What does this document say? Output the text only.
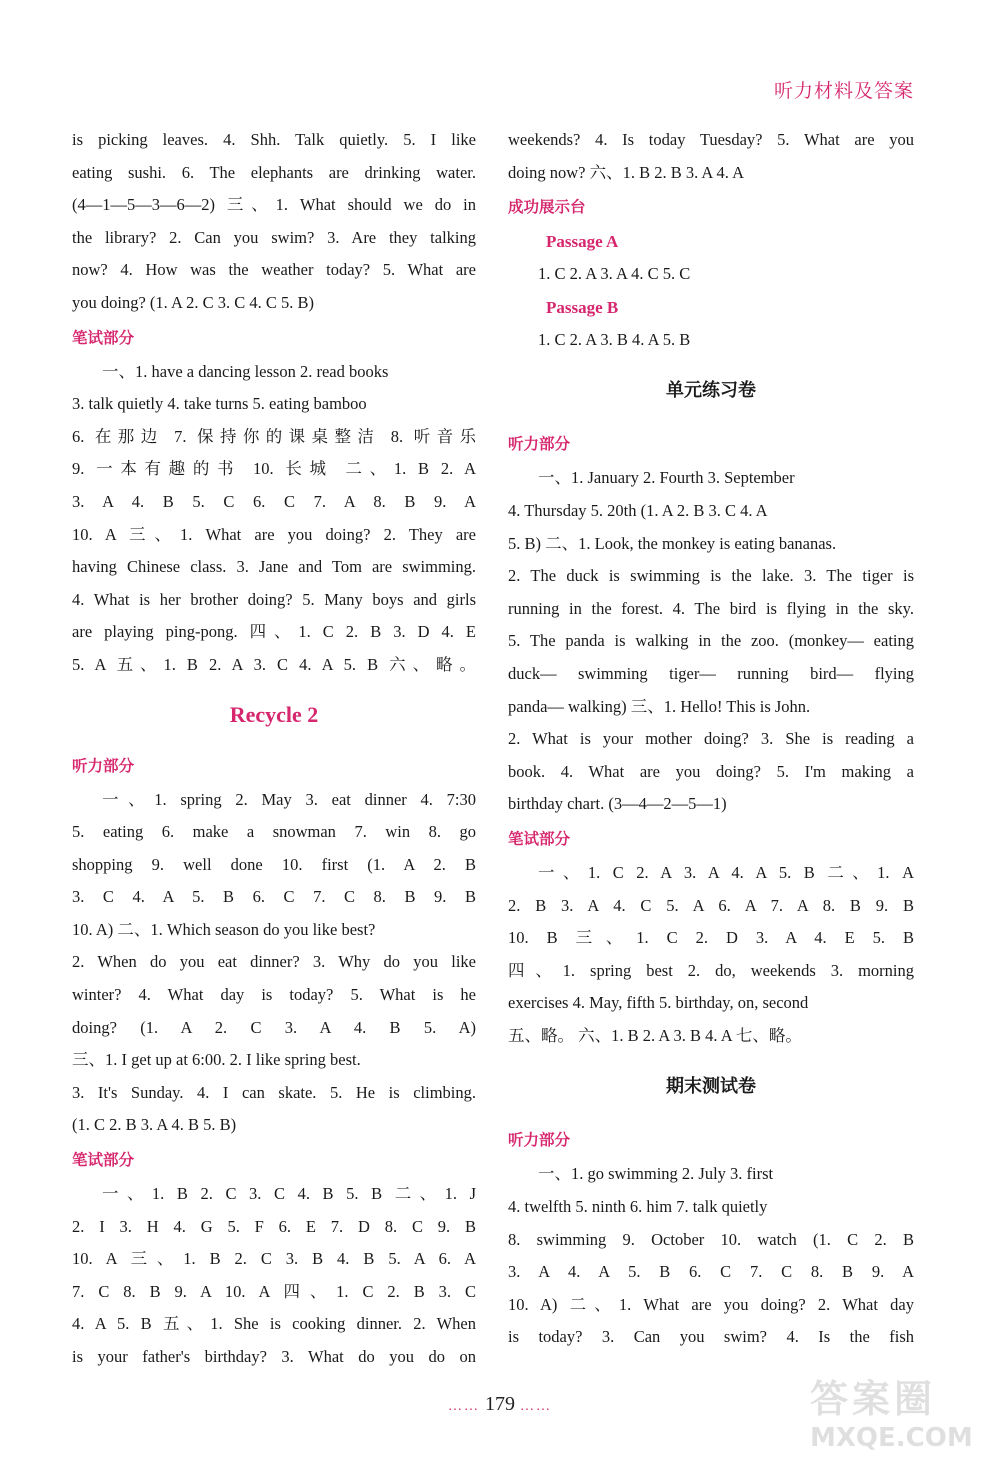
听力材料及答案
is picking leaves. 4. Shh. Talk quietly. 5. I like
eating sushi. 6. The elephants are drinking water.
(4—1—5—3—6—2) 三、1. What should we do in
the library? 2. Can you swim? 3. Are they talking
now? 4. How was the weather today? 5. What are
you doing? (1. A 2. C 3. C 4. C 5. B)
笔试部分
一、1. have a dancing lesson 2. read books
3. talk quietly 4. take turns 5. eating bamboo
6. 在那边 7. 保持你的课桌整洁 8. 听音乐
9. 一本有趣的书 10. 长城 二、1. B 2. A
3. A 4. B 5. C 6. C 7. A 8. B 9. A
10. A 三、1. What are you doing? 2. They are
having Chinese class. 3. Jane and Tom are swimming.
4. What is her brother doing? 5. Many boys and girls
are playing ping-pong. 四、1. C 2. B 3. D 4. E
5. A 五、1. B 2. A 3. C 4. A 5. B 六、略。
Recycle 2
听力部分
一、1. spring 2. May 3. eat dinner 4. 7:30
5. eating 6. make a snowman 7. win 8. go
shopping 9. well done 10. first (1. A 2. B
3. C 4. A 5. B 6. C 7. C 8. B 9. B
10. A) 二、1. Which season do you like best?
2. When do you eat dinner? 3. Why do you like
winter? 4. What day is today? 5. What is he
doing? (1. A 2. C 3. A 4. B 5. A)
三、1. I get up at 6:00. 2. I like spring best.
3. It's Sunday. 4. I can skate. 5. He is climbing.
(1. C 2. B 3. A 4. B 5. B)
笔试部分
一、1. B 2. C 3. C 4. B 5. B 二、1. J
2. I 3. H 4. G 5. F 6. E 7. D 8. C 9. B
10. A 三、1. B 2. C 3. B 4. B 5. A 6. A
7. C 8. B 9. A 10. A 四、1. C 2. B 3. C
4. A 5. B 五、1. She is cooking dinner. 2. When
is your father's birthday? 3. What do you do on
weekends? 4. Is today Tuesday? 5. What are you
doing now? 六、1. B 2. B 3. A 4. A
成功展示台
Passage A
1. C 2. A 3. A 4. C 5. C
Passage B
1. C 2. A 3. B 4. A 5. B
单元练习卷
听力部分
一、1. January 2. Fourth 3. September
4. Thursday 5. 20th (1. A 2. B 3. C 4. A
5. B) 二、1. Look, the monkey is eating bananas.
2. The duck is swimming is the lake. 3. The tiger is
running in the forest. 4. The bird is flying in the sky.
5. The panda is walking in the zoo. (monkey— eating
duck— swimming tiger— running bird— flying
panda— walking) 三、1. Hello! This is John.
2. What is your mother doing? 3. She is reading a
book. 4. What are you doing? 5. I'm making a
birthday chart. (3—4—2—5—1)
笔试部分
一、1. C 2. A 3. A 4. A 5. B 二、1. A
2. B 3. A 4. C 5. A 6. A 7. A 8. B 9. B
10. B 三、1. C 2. D 3. A 4. E 5. B
四、1. spring best 2. do, weekends 3. morning
exercises 4. May, fifth 5. birthday, on, second
五、略。 六、1. B 2. A 3. B 4. A 七、略。
期末测试卷
听力部分
一、1. go swimming 2. July 3. first
4. twelfth 5. ninth 6. him 7. talk quietly
8. swimming 9. October 10. watch (1. C 2. B
3. A 4. A 5. B 6. C 7. C 8. B 9. A
10. A) 二、1. What are you doing? 2. What day
is today? 3. Can you swim? 4. Is the fish
…… 179 ……	答案圈
MXQE.COM
